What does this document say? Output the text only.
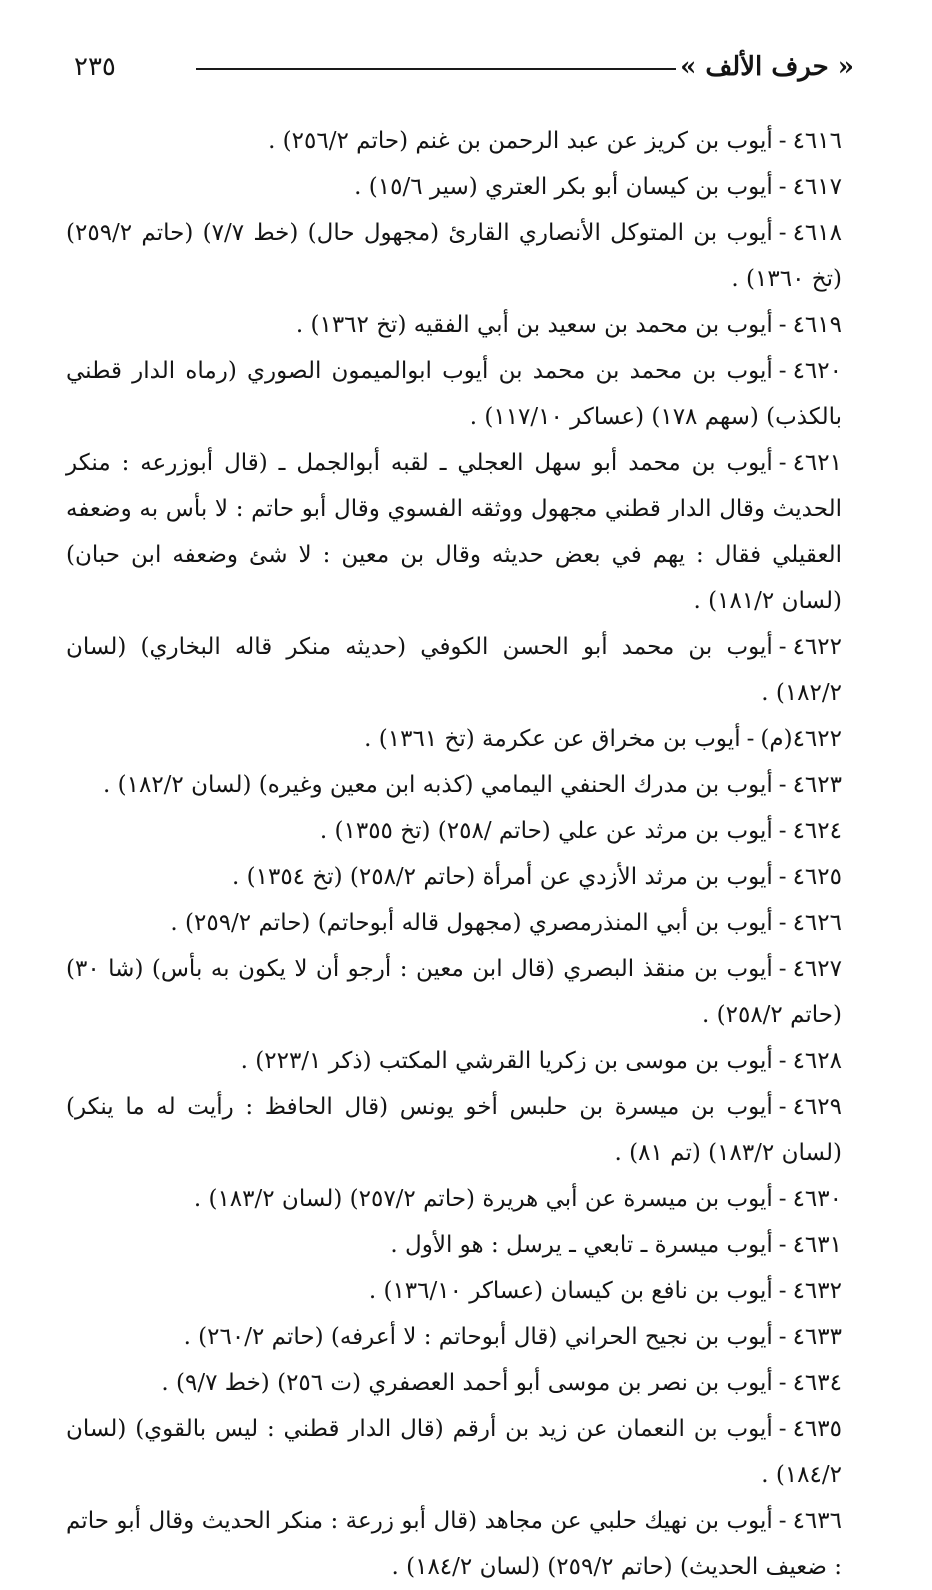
٢٣٥	« حرف الألف »
٤٦١٦-أيوب بن كريز عن عبد الرحمن بن غنم (حاتم ٢٥٦/٢) .
٤٦١٧-أيوب بن كيسان أبو بكر العتري (سير ١٥/٦) .
٤٦١٨-أيوب بن المتوكل الأنصاري القارئ (مجهول حال) (خط ٧/٧) (حاتم ٢٥٩/٢) (تخ ١٣٦٠) .
٤٦١٩-أيوب بن محمد بن سعيد بن أبي الفقيه (تخ ١٣٦٢) .
٤٦٢٠-أيوب بن محمد بن محمد بن أيوب ابوالميمون الصوري (رماه الدار قطني بالكذب) (سهم ١٧٨) (عساكر ١١٧/١٠) .
٤٦٢١-أيوب بن محمد أبو سهل العجلي ـ لقبه أبوالجمل ـ (قال أبوزرعه : منكر الحديث وقال الدار قطني مجهول ووثقه الفسوي وقال أبو حاتم : لا بأس به وضعفه العقيلي فقال : يهم في بعض حديثه وقال بن معين : لا شئ وضعفه ابن حبان) (لسان ١٨١/٢) .
٤٦٢٢-أيوب بن محمد أبو الحسن الكوفي (حديثه منكر قاله البخاري) (لسان ١٨٢/٢) .
٤٦٢٢(م)-أيوب بن مخراق عن عكرمة (تخ ١٣٦١) .
٤٦٢٣-أيوب بن مدرك الحنفي اليمامي (كذبه ابن معين وغيره) (لسان ١٨٢/٢) .
٤٦٢٤-أيوب بن مرثد عن علي (حاتم /٢٥٨) (تخ ١٣٥٥) .
٤٦٢٥-أيوب بن مرثد الأزدي عن أمرأة (حاتم ٢٥٨/٢) (تخ ١٣٥٤) .
٤٦٢٦-أيوب بن أبي المنذرمصري (مجهول قاله أبوحاتم) (حاتم ٢٥٩/٢) .
٤٦٢٧-أيوب بن منقذ البصري (قال ابن معين : أرجو أن لا يكون به بأس) (شا ٣٠) (حاتم ٢٥٨/٢) .
٤٦٢٨-أيوب بن موسى بن زكريا القرشي المكتب (ذكر ٢٢٣/١) .
٤٦٢٩-أيوب بن ميسرة بن حلبس أخو يونس (قال الحافظ : رأيت له ما ينكر) (لسان ١٨٣/٢) (تم ٨١) .
٤٦٣٠-أيوب بن ميسرة عن أبي هريرة (حاتم ٢٥٧/٢) (لسان ١٨٣/٢) .
٤٦٣١-أيوب ميسرة ـ تابعي ـ يرسل : هو الأول .
٤٦٣٢-أيوب بن نافع بن كيسان (عساكر ١٣٦/١٠) .
٤٦٣٣-أيوب بن نجيح الحراني (قال أبوحاتم : لا أعرفه) (حاتم ٢٦٠/٢) .
٤٦٣٤-أيوب بن نصر بن موسى أبو أحمد العصفري (ت ٢٥٦) (خط ٩/٧) .
٤٦٣٥-أيوب بن النعمان عن زيد بن أرقم (قال الدار قطني : ليس بالقوي) (لسان ١٨٤/٢) .
٤٦٣٦-أيوب بن نهيك حلبي عن مجاهد (قال أبو زرعة : منكر الحديث وقال أبو حاتم : ضعيف الحديث) (حاتم ٢٥٩/٢) (لسان ١٨٤/٢) .
